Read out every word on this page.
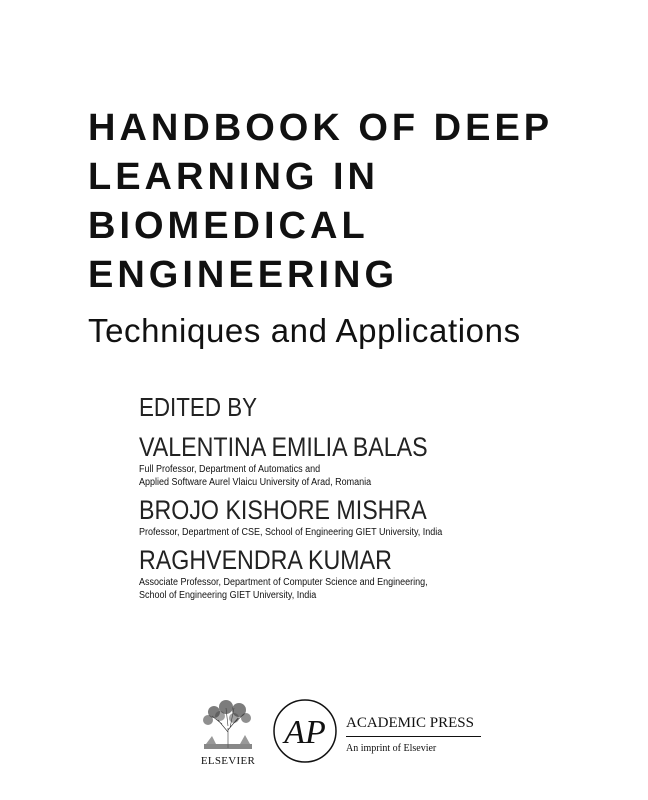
HANDBOOK OF DEEP
LEARNING IN
BIOMEDICAL
ENGINEERING
Techniques and Applications
EDITED BY
VALENTINA EMILIA BALAS
Full Professor, Department of Automatics and
Applied Software Aurel Vlaicu University of Arad, Romania
BROJO KISHORE MISHRA
Professor, Department of CSE, School of Engineering GIET University, India
RAGHVENDRA KUMAR
Associate Professor, Department of Computer Science and Engineering,
School of Engineering GIET University, India
ELSEVIER
AP ACADEMIC PRESS
An imprint of Elsevier
